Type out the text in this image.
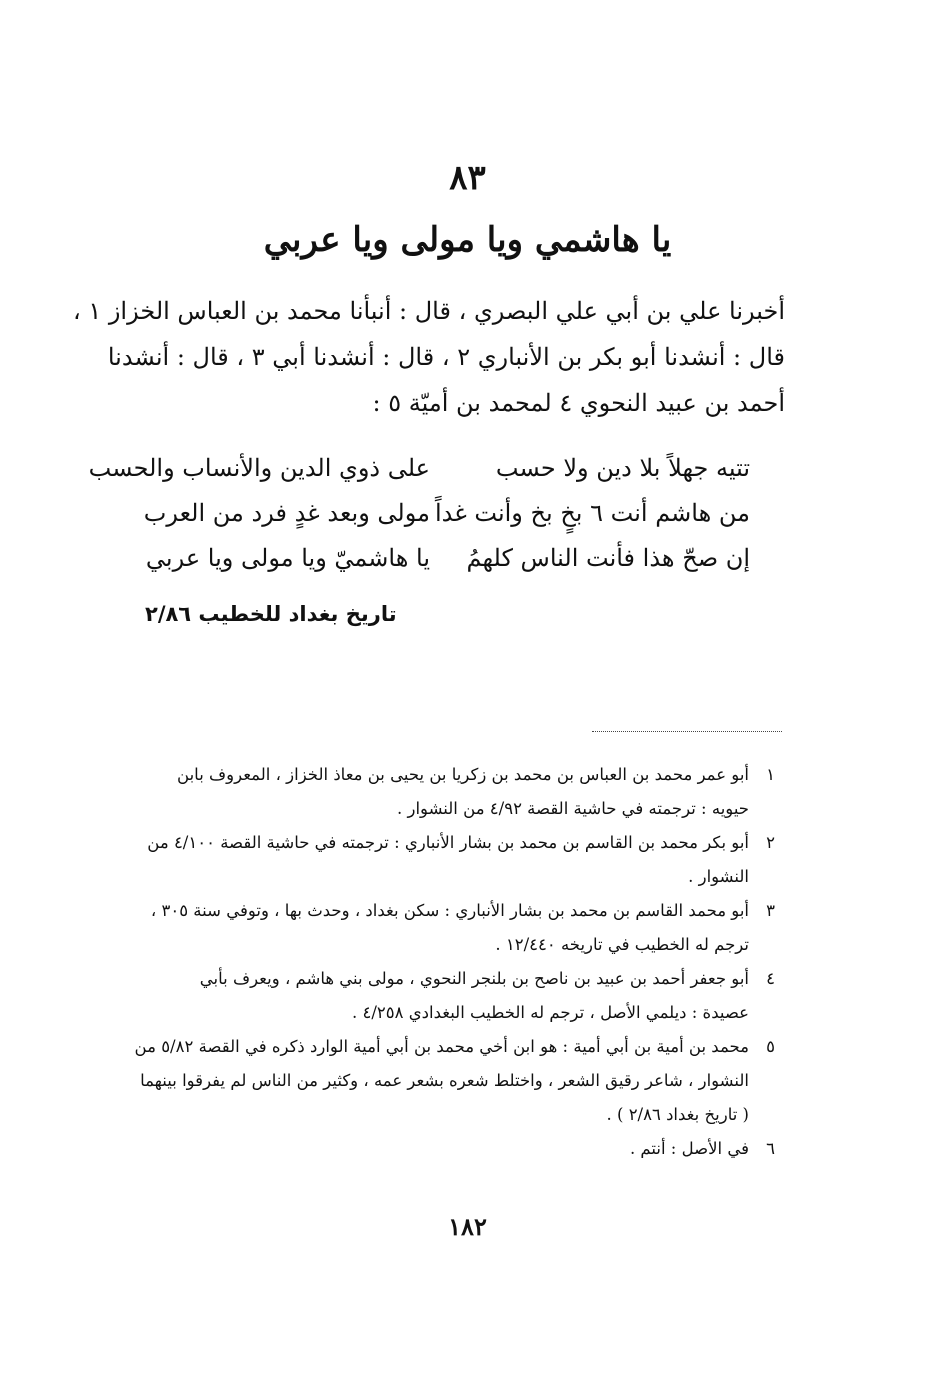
٨٣
يا هاشمي ويا مولى ويا عربي
أخبرنا علي بن أبي علي البصري ، قال : أنبأنا محمد بن العباس الخزاز ١ ،
قال : أنشدنا أبو بكر بن الأنباري ٢ ، قال : أنشدنا أبي ٣ ، قال : أنشدنا
أحمد بن عبيد النحوي ٤ لمحمد بن أميّة ٥ :
تتيه جهلاً بلا دين ولا حسب
على ذوي الدين والأنساب والحسب
من هاشم أنت ٦ بخٍ بخ وأنت غداً
مولى وبعد غدٍ فرد من العرب
إن صحّ هذا فأنت الناس كلهمُ
يا هاشميّ ويا مولى ويا عربي
تاريخ بغداد للخطيب ٢/٨٦
١
أبو عمر محمد بن العباس بن محمد بن زكريا بن يحيى بن معاذ الخزاز ، المعروف بابن
حيويه : ترجمته في حاشية القصة ٤/٩٢ من النشوار .
٢
أبو بكر محمد بن القاسم بن محمد بن بشار الأنباري : ترجمته في حاشية القصة ٤/١٠٠ من
النشوار .
٣
أبو محمد القاسم بن محمد بن بشار الأنباري : سكن بغداد ، وحدث بها ، وتوفي سنة ٣٠٥ ،
ترجم له الخطيب في تاريخه ١٢/٤٤٠ .
٤
أبو جعفر أحمد بن عبيد بن ناصح بن بلنجر النحوي ، مولى بني هاشم ، ويعرف بأبي
عصيدة : ديلمي الأصل ، ترجم له الخطيب البغدادي ٤/٢٥٨ .
٥
محمد بن أمية بن أبي أمية : هو ابن أخي محمد بن أبي أمية الوارد ذكره في القصة ٥/٨٢ من
النشوار ، شاعر رقيق الشعر ، واختلط شعره بشعر عمه ، وكثير من الناس لم يفرقوا بينهما
( تاريخ بغداد ٢/٨٦ ) .
٦
في الأصل : أنتم .
١٨٢
